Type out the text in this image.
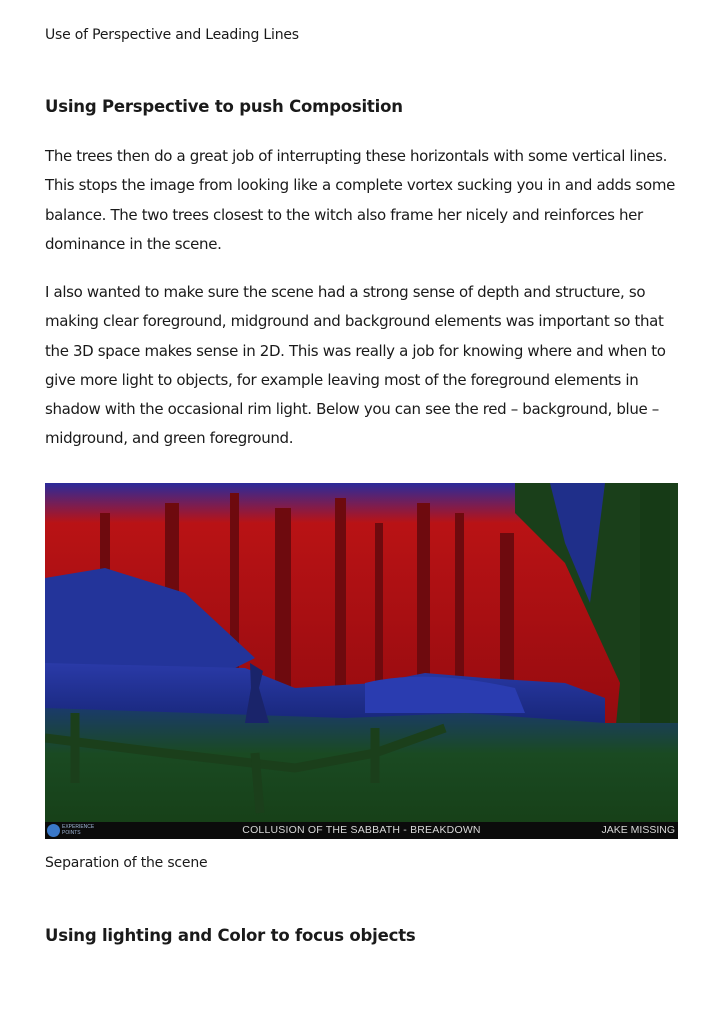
Use of Perspective and Leading Lines
Using Perspective to push Composition

The trees then do a great job of interrupting these horizontals with some vertical lines. This stops the image from looking like a complete vortex sucking you in and adds some balance. The two trees closest to the witch also frame her nicely and reinforces her dominance in the scene.

I also wanted to make sure the scene had a strong sense of depth and structure, so making clear foreground, midground and background elements was important so that the 3D space makes sense in 2D. This was really a job for knowing where and when to give more light to objects, for example leaving most of the foreground elements in shadow with the occasional rim light. Below you can see the red – background, blue – midground, and green foreground.

EXPERIENCE POINTS	COLLUSION OF THE SABBATH - BREAKDOWN	JAKE MISSING
Separation of the scene
Using lighting and Color to focus objects
